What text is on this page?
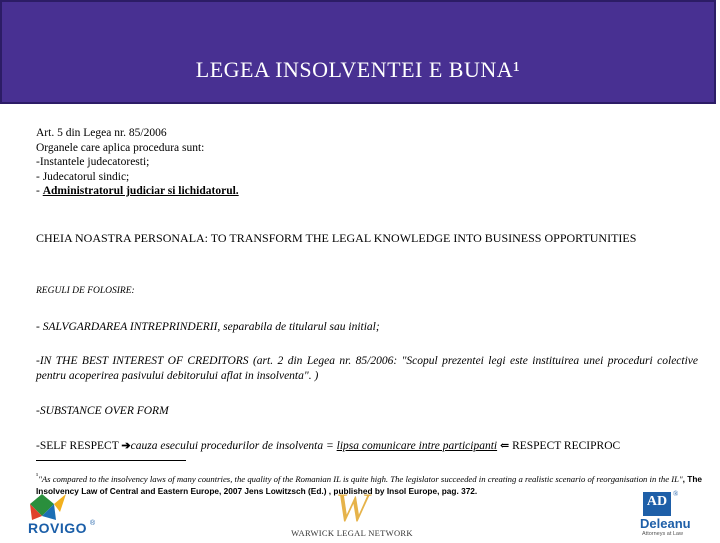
LEGEA INSOLVENTEI E BUNA¹
Art. 5 din Legea nr. 85/2006
Organele care aplica procedura sunt:
-Instantele judecatoresti;
- Judecatorul sindic;
- Administratorul judiciar si lichidatorul.
CHEIA NOASTRA PERSONALA: TO TRANSFORM THE LEGAL KNOWLEDGE INTO BUSINESS OPPORTUNITIES
REGULI DE FOLOSIRE:
- SALVGARDAREA INTREPRINDERII, separabila de titularul sau initial;
-IN THE BEST INTEREST OF CREDITORS (art. 2 din Legea nr. 85/2006: "Scopul prezentei legi este instituirea unei proceduri colective pentru acoperirea pasivului debitorului aflat in insolventa". )
-SUBSTANCE OVER FORM
-SELF RESPECT ➔cauza esecului procedurilor de insolventa = lipsa comunicare intre participanti ⇐ RESPECT RECIPROC
$^{^1}$"As compared to the insolvency laws of many countries, the quality of the Romanian IL is quite high. The legislator succeeded in creating a realistic scenario of reorganisation in the IL", The Insolvency Law of Central and Eastern Europe, 2007 Jens Lowitzsch (Ed.) , published by Insol Europe, pag. 372.
ROVIGO ®	W
WARWICK LEGAL NETWORK
AD ®
Deleanu
Attorneys at Law
